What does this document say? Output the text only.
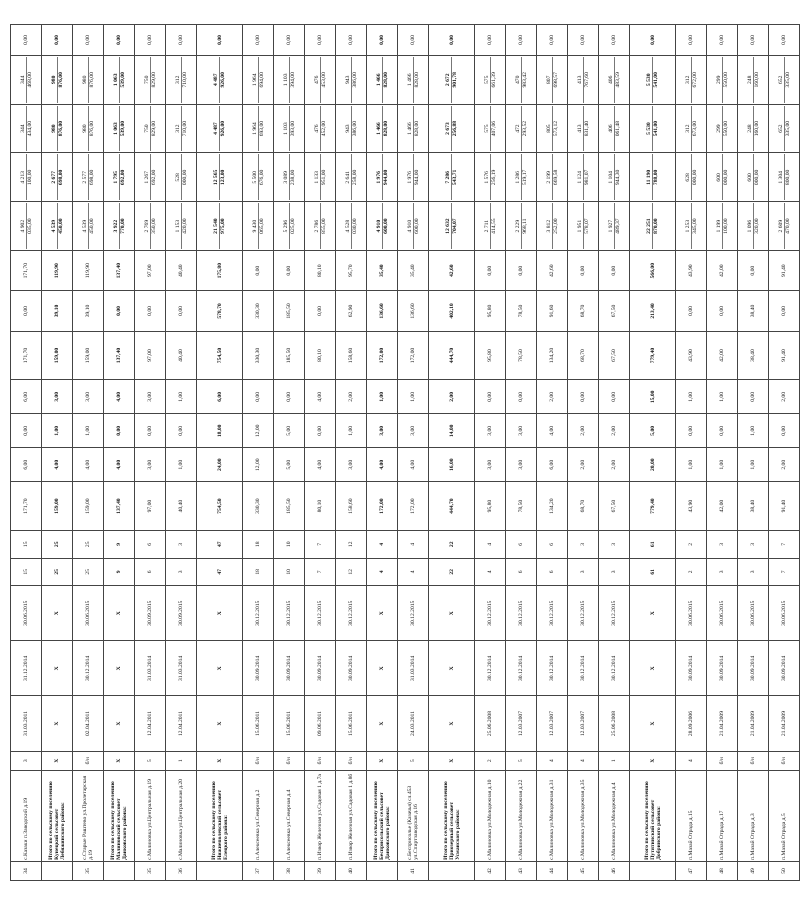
34	с.Казаки п.Заводский д.19	3	31.03.2011	31.12.2014	30.06.2015	15	15	171,70	6,00	0,00	6,00	171,70	0,00	171,70	4 902 035,00	4 213 100,00	344 434,00	344 468,00	0,00
	Итого по сельскому поселению Кунецкий сельсовет Лебяжинского района:	X	X	X	X	25	25	159,00	4,00	1,00	3,00	159,00	39,10	119,90	4 539 450,00	2 677 698,00	980 876,00	980 876,00	0,00
35	с.Старые Раштево ул.Пролетарская д.19	б/н	02.04.2011	30.12.2014	30.06.2015	25	25	159,00	4,00	1,00	3,00	159,00	39,10	119,90	4 539 450,00	2 577 698,00	980 876,00	980 876,00	0,00
	Итого по сельскому поселению Малиновский сельсовет Данковского района:	X	X	X	X	9	9	137,40	4,00	0,00	4,00	137,40	0,00	137,40	3 922 770,00	1 795 692,00	1 063 539,00	1 063 539,00	0,00
35	с.Малиновка ул.Центральная д.19	5	12.04.2011	31.03.2014	30.09.2015	6	6	97,00	3,00	0,00	3,00	97,00	0,00	97,00	2 769 350,00	1 267 692,00	750 829,00	750 829,00	0,00
36	с.Малиновка ул.Центральная д.20	1	12.04.2011	31.03.2014	30.09.2015	3	3	40,40	1,00	0,00	1,00	40,40	0,00	40,40	1 153 420,00	528 000,00	312 710,00	312 710,00	0,00
	Итого по сельскому поселению Нижнеполевский сельсовет Елецкого района:	X	X	X	X	47	47	754,50	24,00	18,00	6,00	754,50	578,70	175,80	21 540 975,00	12 565 123,00	4 487 926,00	4 487 926,00	0,00
37	п.Алексеевка ул.Северная д.2	б/н	15.06.2011	30.09.2014	30.12.2015	18	18	330,30	12,00	12,00	0,00	330,30	330,30	0,00	9 430 065,00	5 500 676,00	1 964 693,00	1 964 694,00	0,00
38	п.Алексеевка ул.Северная д.4	б/н	15.06.2011	30.09.2014	30.12.2015	10	10	185,50	5,00	5,00	0,00	185,50	185,50	0,00	5 296 025,00	3 089 238,00	1 103 393,00	1 103 394,00	0,00
39	п.Извор Железная ул.Садовая 1 д.7а	б/н	09.06.2011	30.09.2014	30.12.2015	7	7	80,10	4,00	0,00	4,00	80,10	0,00	80,10	2 786 855,00	1 133 951,00	476 452,00	476 453,00	0,00
40	п.Извор Железная ул.Садовая 1 д.8б	б/н	15.06.2011	30.09.2014	30.12.2015	12	12	158,60	3,00	1,00	2,00	158,60	62,90	95,70	4 528 030,00	2 641 258,00	943 386,00	943 386,00	0,00
	Итого по сельскому поселению Бесприсольский сельсовет Данковского района:	X	X	X	X	4	4	172,00	4,00	3,00	1,00	172,00	136,60	35,40	4 910 600,00	1 976 944,00	1 466 828,00	1 466 828,00	0,00
41	с.Бесприсолье (Казачья) сл.453 ул.Спиртзаводская д.16	5	24.03.2011	31.03.2014	30.12.2015	4	4	172,00	4,00	3,00	1,00	172,00	136,60	35,40	4 910 600,00	1 976 944,00	1 466 828,00	1 466 828,00	0,00
	Итого по сельскому поселению Приозерный сельсовет Усманского района:	X	X	X	X	22	22	444,70	16,00	14,00	2,00	444,70	402,10	42,60	12 632 704,07	7 286 543,71	2 673 256,88	2 672 901,78	0,00
42	с.Малиновка ул.Молодежная д.10	2	25.06.2008	30.12.2014	30.12.2015	4	4	95,80	3,00	3,00	0,00	95,80	95,80	0,00	2 711 414,55	1 576 256,19	575 407,06	575 661,39	0,00
43	с.Малиновка ул.Молодежная д.22	5	12.03.2007	30.12.2014	30.12.2015	6	6	78,50	3,00	3,00	0,00	78,50	78,50	0,00	2 229 968,11	1 286 519,17	472 293,52	470 983,42	0,00
44	с.Малиновка ул.Молодежная д.31	4	12.03.2007	30.12.2014	30.12.2015	6	6	134,20	6,00	4,00	2,00	134,20	91,60	42,60	3 812 252,00	2 199 669,58	805 573,12	807 698,57	0,00
45	с.Малиновка ул.Молодежная д.35	4	12.03.2007	30.12.2014	30.12.2015	3	3	68,70	2,00	2,00	0,00	68,70	68,70	0,00	1 951 578,07	1 124 981,07	413 831,40	413 767,60	0,00
46	с.Малиновка ул.Молодежная д.4	1	25.06.2008	30.12.2014	30.12.2015	3	3	67,50	2,00	2,00	0,00	67,50	67,50	0,00	1 927 489,37	1 104 944,30	406 061,48	406 483,59	0,00
	Итого по сельскому поселению Путятинский сельсовет Добринского района:	X	X	X	X	61	61	779,40	20,00	5,00	15,00	779,40	213,40	566,00	22 251 870,00	11 190 788,00	5 530 541,00	5 530 541,00	0,00
47	п.Мазай Отрада д.15	4	28.09.2006	30.09.2014	30.06.2015	2	2	43,90	1,00	0,00	1,00	43,90	0,00	43,90	1 253 345,00	628 000,00	312 673,00	312 672,00	0,00
48	п.Мазай Отрада д.17	б/н	21.04.2009	30.09.2014	30.06.2015	3	3	42,00	1,00	0,00	1,00	42,00	0,00	42,00	1 199 100,00	600 000,00	299 550,00	299 550,00	0,00
49	п.Мазай Отрада д.3	б/н	21.04.2009	30.09.2014	30.06.2015	3	3	38,40	1,00	1,00	0,00	38,40	38,40	0,00	1 096 320,00	600 000,00	248 160,00	248 160,00	0,00
50	п.Мазай Отрада д.5	б/н	21.04.2009	30.09.2014	30.06.2015	7	7	91,40	2,00	0,00	2,00	91,40	0,00	91,40	2 609 470,00	1 304 800,00	652 335,00	652 335,00	0,00
